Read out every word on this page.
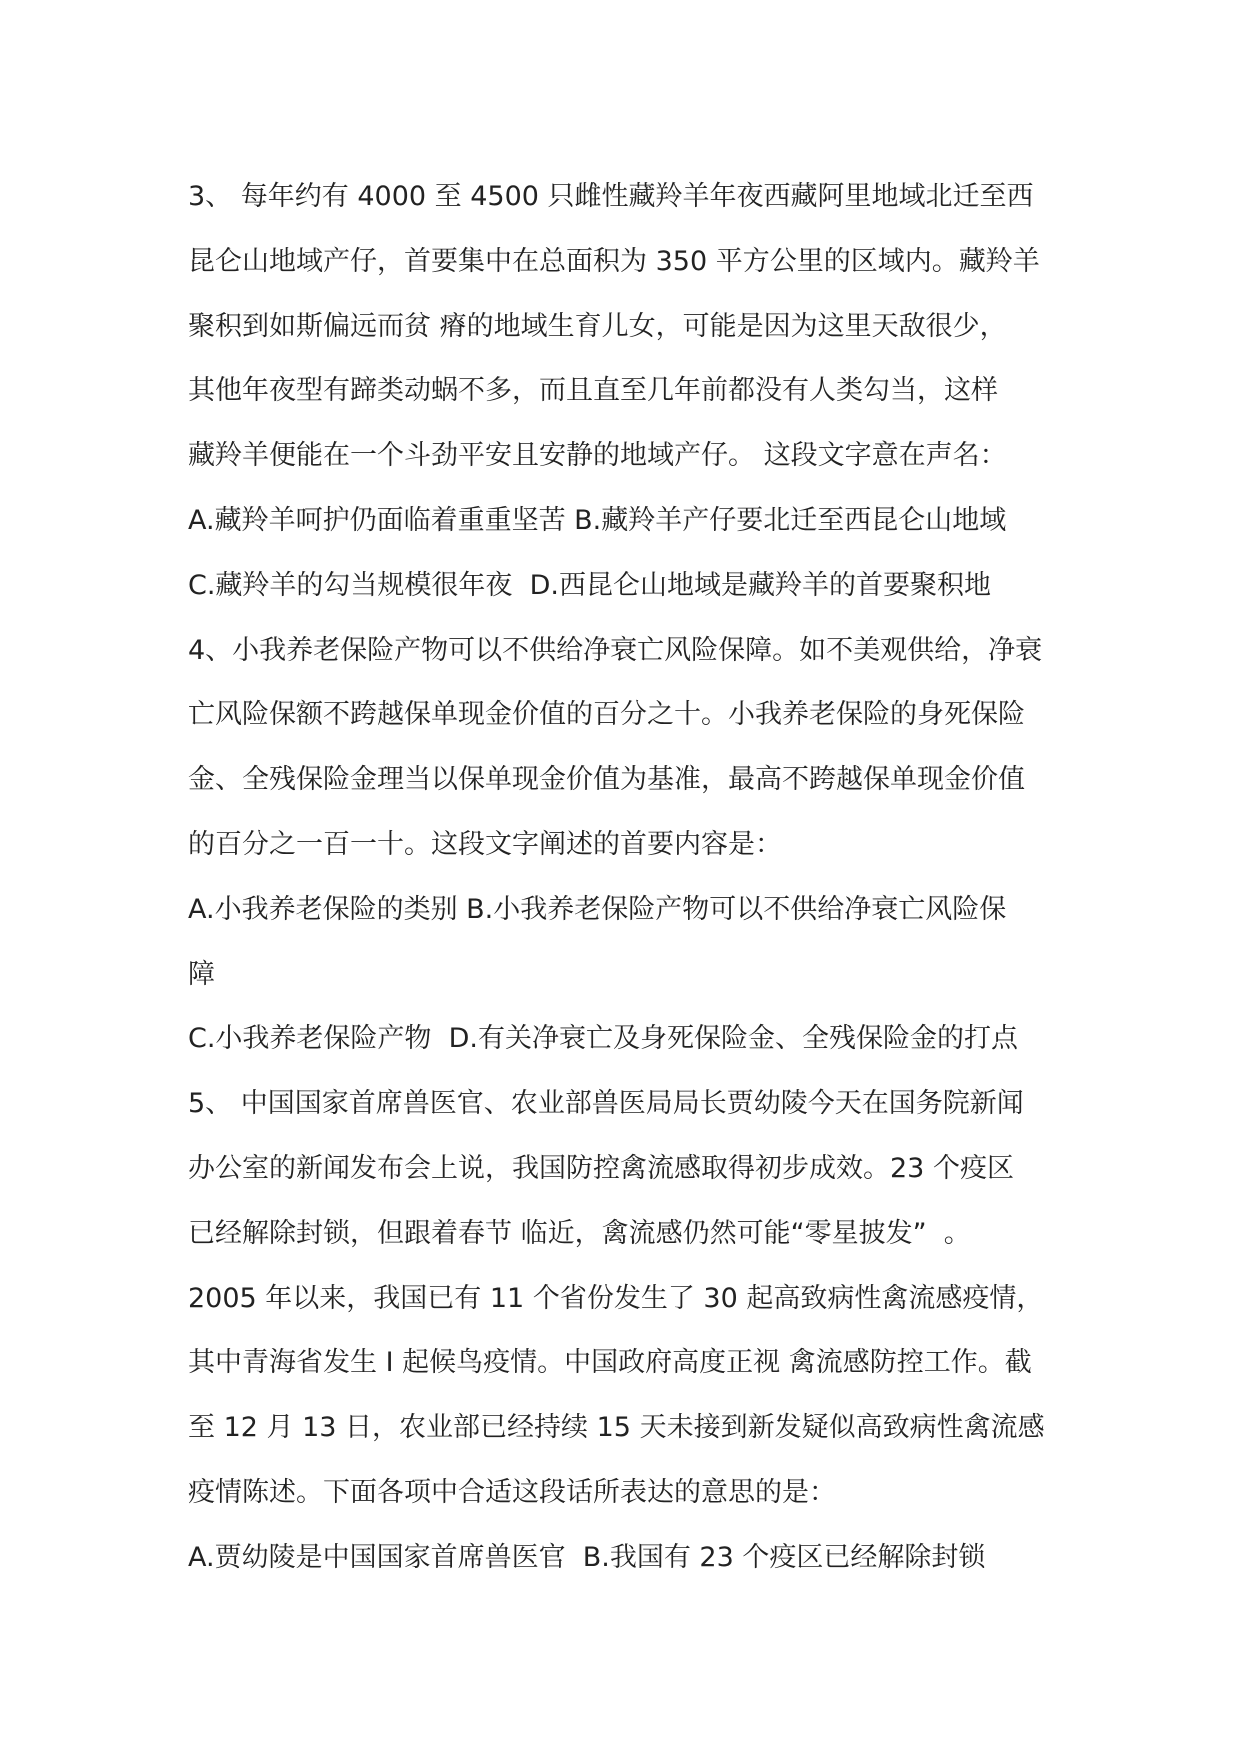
3、 每年约有 4000 至 4500 只雌性藏羚羊年夜西藏阿里地域北迁至西
昆仑山地域产仔，首要集中在总面积为 350 平方公里的区域内。藏羚羊
聚积到如斯偏远而贫 瘠的地域生育儿女，可能是因为这里天敌很少，
其他年夜型有蹄类动蜗不多，而且直至几年前都没有人类勾当，这样
藏羚羊便能在一个斗劲平安且安静的地域产仔。 这段文字意在声名：
A.藏羚羊呵护仍面临着重重坚苦 B.藏羚羊产仔要北迁至西昆仑山地域
C.藏羚羊的勾当规模很年夜  D.西昆仑山地域是藏羚羊的首要聚积地
4、小我养老保险产物可以不供给净衰亡风险保障。如不美观供给，净衰
亡风险保额不跨越保单现金价值的百分之十。小我养老保险的身死保险
金、全残保险金理当以保单现金价值为基准，最高不跨越保单现金价值
的百分之一百一十。这段文字阐述的首要内容是：
A.小我养老保险的类别 B.小我养老保险产物可以不供给净衰亡风险保
障
C.小我养老保险产物  D.有关净衰亡及身死保险金、全残保险金的打点
5、 中国国家首席兽医官、农业部兽医局局长贾幼陵今天在国务院新闻
办公室的新闻发布会上说，我国防控禽流感取得初步成效。23 个疫区
已经解除封锁，但跟着春节 临近，禽流感仍然可能“零星披发”  。
2005 年以来，我国已有 11 个省份发生了 30 起高致病性禽流感疫情，
其中青海省发生 I 起候鸟疫情。中国政府高度正视 禽流感防控工作。截
至 12 月 13 日，农业部已经持续 15 天未接到新发疑似高致病性禽流感
疫情陈述。下面各项中合适这段话所表达的意思的是：
A.贾幼陵是中国国家首席兽医官  B.我国有 23 个疫区已经解除封锁
